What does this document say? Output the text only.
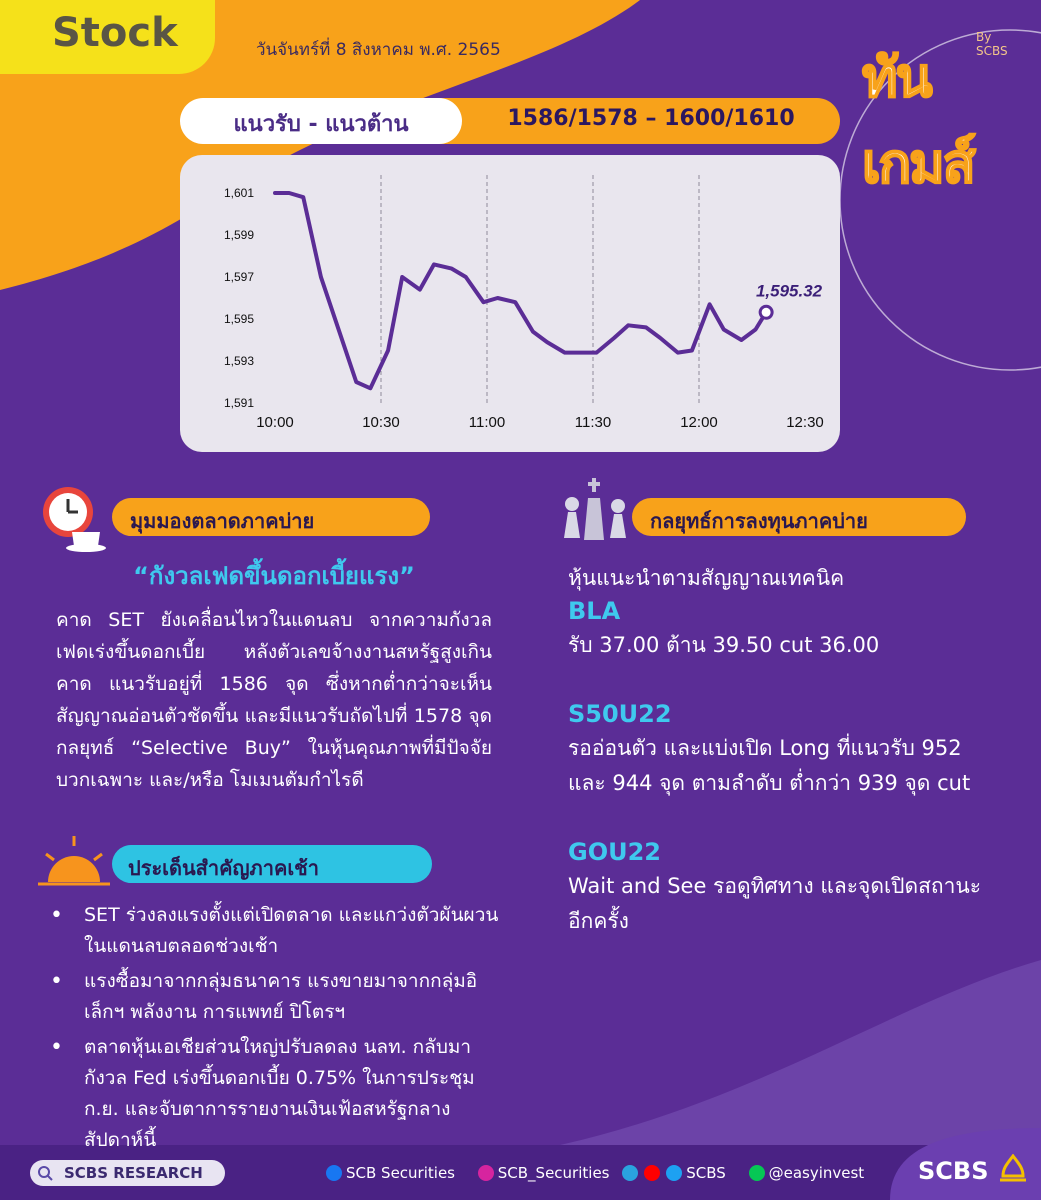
Stock	วันจันทร์ที่ 8 สิงหาคม พ.ศ. 2565	ทันเกมส์
By SCBS
แนวรับ - แนวต้าน	1586/1578 – 1600/1610
10:00	10:30	11:00	11:30	12:00	12:30
1,601
1,599
1,597
1,595
1,593
1,591
1,595.32
มุมมองตลาดภาคบ่าย
“กังวลเฟดขึ้นดอกเบี้ยแรง”
คาด SET ยังเคลื่อนไหวในแดนลบ จากความกังวลเฟดเร่งขึ้นดอกเบี้ย หลังตัวเลขจ้างงานสหรัฐสูงเกินคาด แนวรับอยู่ที่ 1586 จุด ซึ่งหากต่ำกว่าจะเห็นสัญญาณอ่อนตัวชัดขึ้น และมีแนวรับถัดไปที่ 1578 จุด กลยุทธ์ “Selective Buy” ในหุ้นคุณภาพที่มีปัจจัยบวกเฉพาะ และ/หรือ โมเมนตัมกำไรดี
ประเด็นสำคัญภาคเช้า
• SET ร่วงลงแรงตั้งแต่เปิดตลาด และแกว่งตัวผันผวนในแดนลบตลอดช่วงเช้า
• แรงซื้อมาจากกลุ่มธนาคาร แรงขายมาจากกลุ่มอิเล็กฯ พลังงาน การแพทย์ ปิโตรฯ
• ตลาดหุ้นเอเชียส่วนใหญ่ปรับลดลง นลท. กลับมากังวล Fed เร่งขึ้นดอกเบี้ย 0.75% ในการประชุม ก.ย. และจับตาการรายงานเงินเฟ้อสหรัฐกลางสัปดาห์นี้
กลยุทธ์การลงทุนภาคบ่าย
หุ้นแนะนำตามสัญญาณเทคนิค
BLA
รับ 37.00 ต้าน 39.50 cut 36.00
S50U22
รออ่อนตัว และแบ่งเปิด Long ที่แนวรับ 952 และ 944 จุด ตามลำดับ ต่ำกว่า 939 จุด cut
GOU22
Wait and See รอดูทิศทาง และจุดเปิดสถานะอีกครั้ง
SCBS RESEARCH	SCB Securities	SCB_Securities	SCBS	@easyinvest SCBS
